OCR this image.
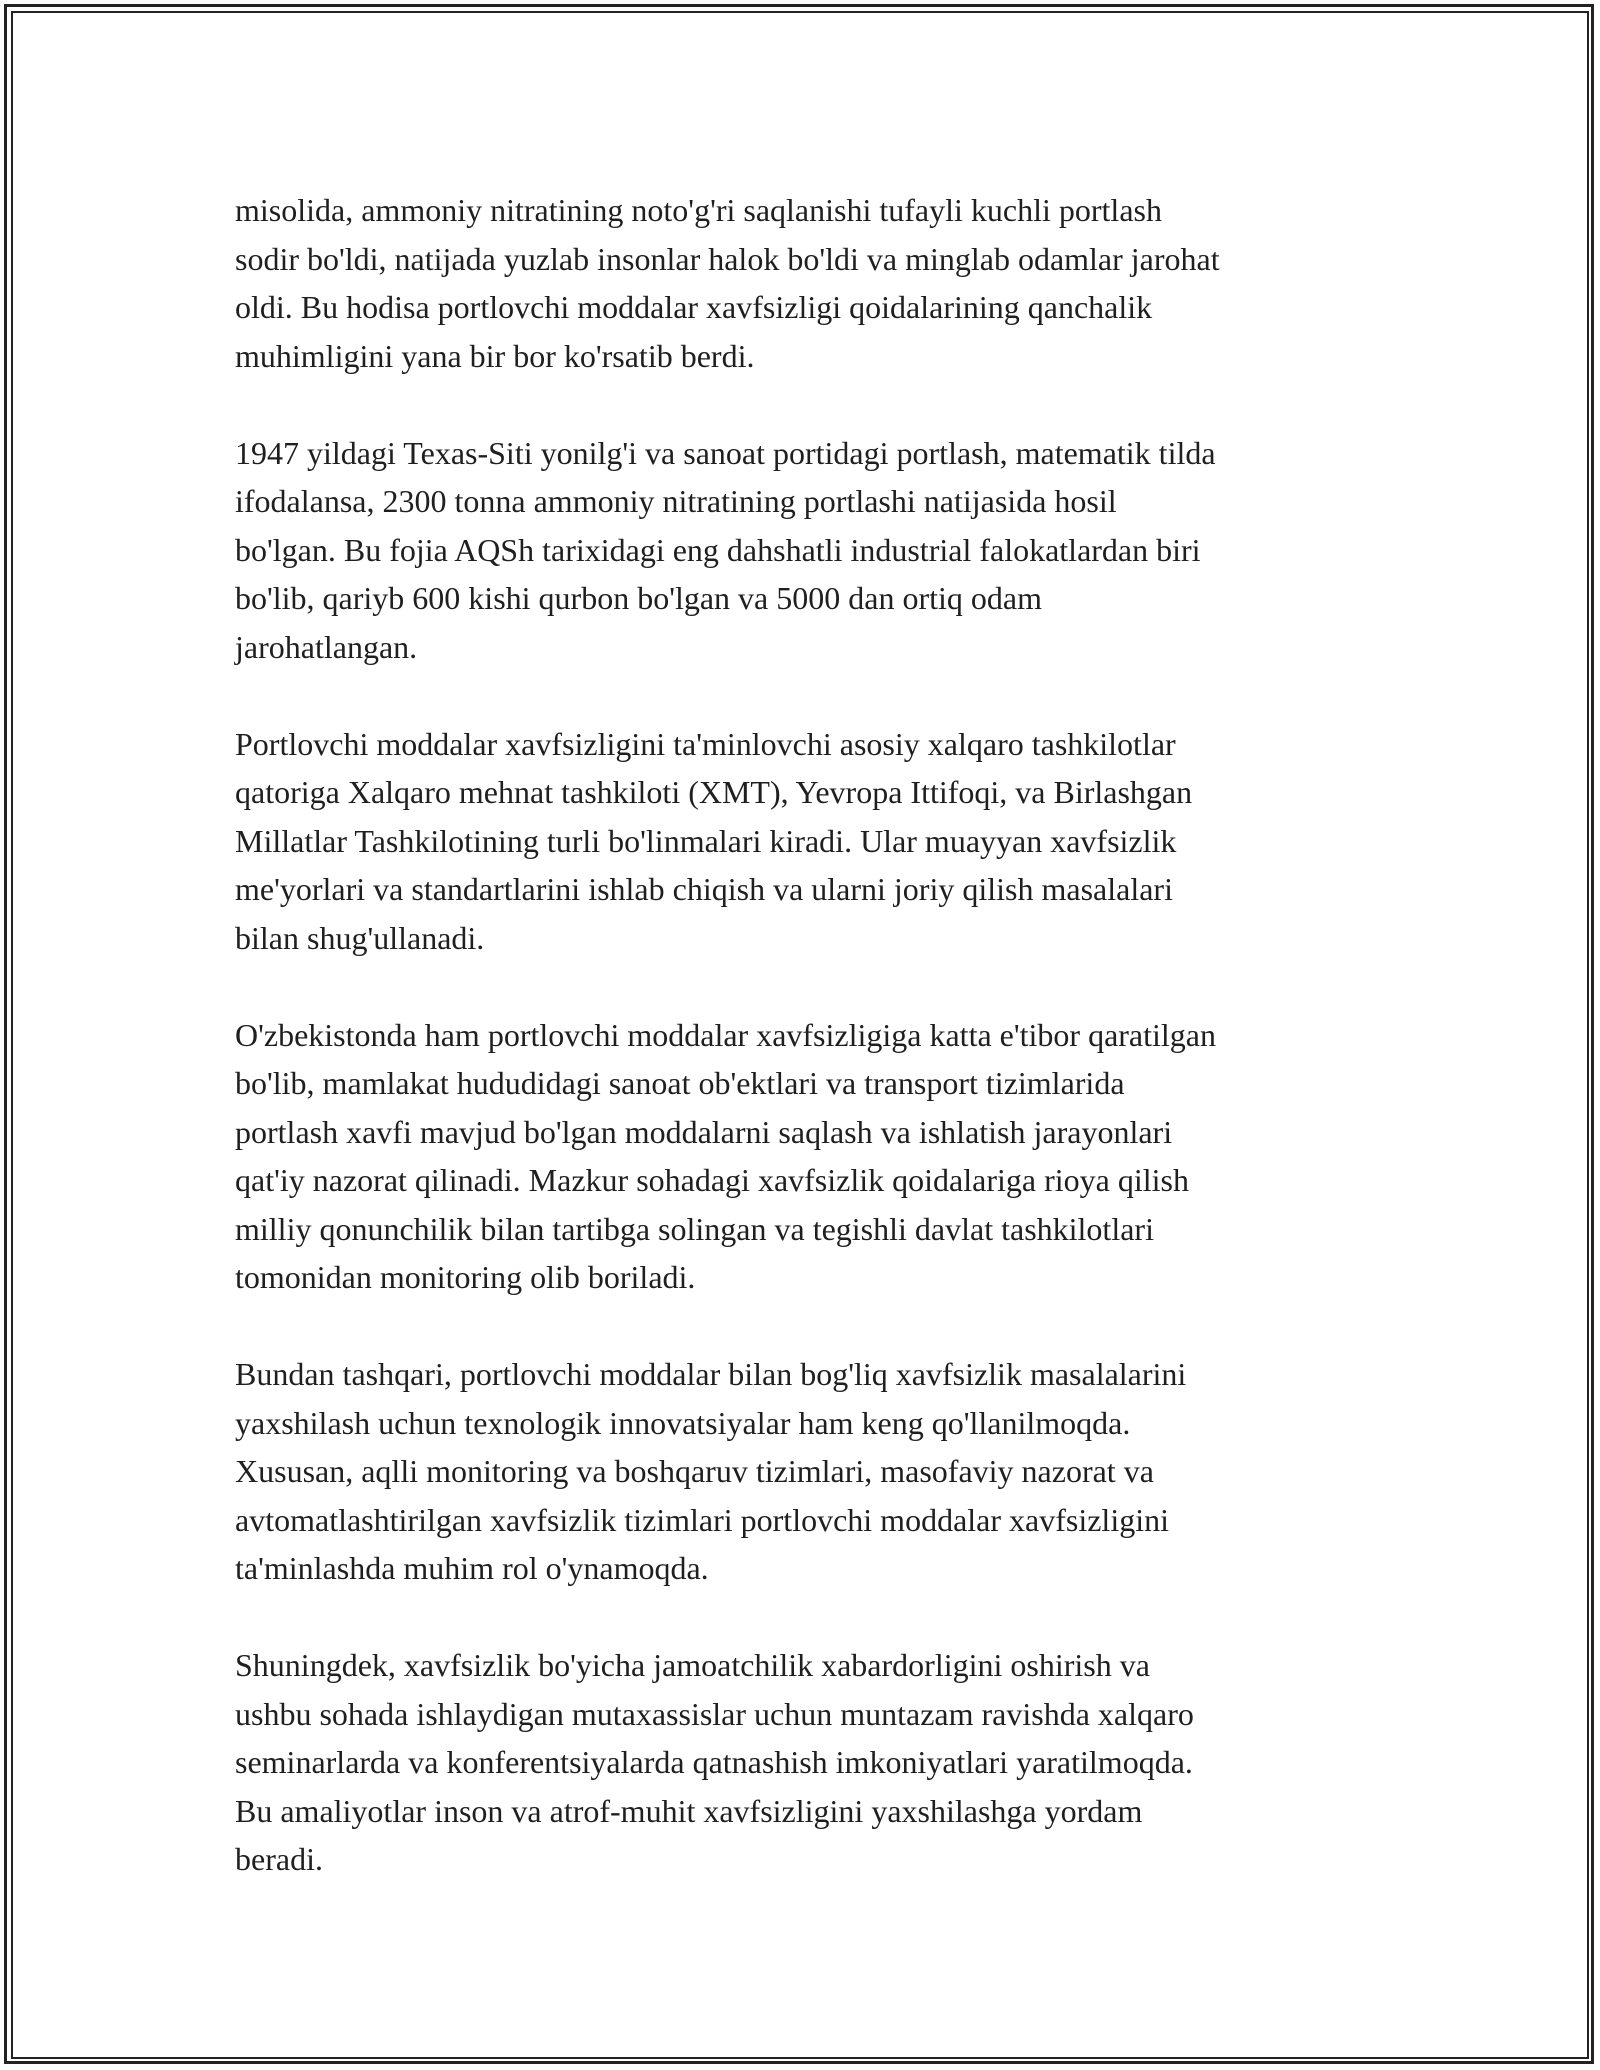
misolida, ammoniy nitratining noto'g'ri saqlanishi tufayli kuchli portlash
sodir bo'ldi, natijada yuzlab insonlar halok bo'ldi va minglab odamlar jarohat
oldi. Bu hodisa portlovchi moddalar xavfsizligi qoidalarining qanchalik
muhimligini yana bir bor ko'rsatib berdi.

1947 yildagi Texas-Siti yonilg'i va sanoat portidagi portlash, matematik tilda
ifodalansa, 2300 tonna ammoniy nitratining portlashi natijasida hosil
bo'lgan. Bu fojia AQSh tarixidagi eng dahshatli industrial falokatlardan biri
bo'lib, qariyb 600 kishi qurbon bo'lgan va 5000 dan ortiq odam
jarohatlangan.

Portlovchi moddalar xavfsizligini ta'minlovchi asosiy xalqaro tashkilotlar
qatoriga Xalqaro mehnat tashkiloti (XMT), Yevropa Ittifoqi, va Birlashgan
Millatlar Tashkilotining turli bo'linmalari kiradi. Ular muayyan xavfsizlik
me'yorlari va standartlarini ishlab chiqish va ularni joriy qilish masalalari
bilan shug'ullanadi.

O'zbekistonda ham portlovchi moddalar xavfsizligiga katta e'tibor qaratilgan
bo'lib, mamlakat hududidagi sanoat ob'ektlari va transport tizimlarida
portlash xavfi mavjud bo'lgan moddalarni saqlash va ishlatish jarayonlari
qat'iy nazorat qilinadi. Mazkur sohadagi xavfsizlik qoidalariga rioya qilish
milliy qonunchilik bilan tartibga solingan va tegishli davlat tashkilotlari
tomonidan monitoring olib boriladi.

Bundan tashqari, portlovchi moddalar bilan bog'liq xavfsizlik masalalarini
yaxshilash uchun texnologik innovatsiyalar ham keng qo'llanilmoqda.
Xususan, aqlli monitoring va boshqaruv tizimlari, masofaviy nazorat va
avtomatlashtirilgan xavfsizlik tizimlari portlovchi moddalar xavfsizligini
ta'minlashda muhim rol o'ynamoqda.

Shuningdek, xavfsizlik bo'yicha jamoatchilik xabardorligini oshirish va
ushbu sohada ishlaydigan mutaxassislar uchun muntazam ravishda xalqaro
seminarlarda va konferentsiyalarda qatnashish imkoniyatlari yaratilmoqda.
Bu amaliyotlar inson va atrof-muhit xavfsizligini yaxshilashga yordam
beradi.
